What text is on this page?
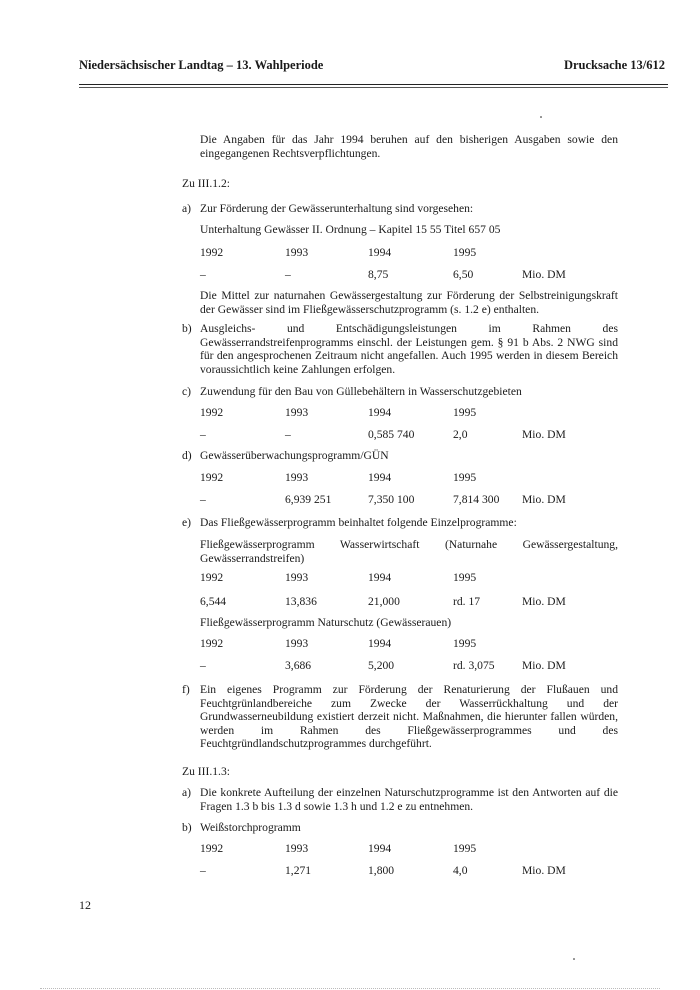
Niedersächsischer Landtag – 13. Wahlperiode	Drucksache 13/612
Die Angaben für das Jahr 1994 beruhen auf den bisherigen Ausgaben sowie den eingegangenen Rechtsverpflichtungen.
Zu III.1.2:
a) Zur Förderung der Gewässerunterhaltung sind vorgesehen:
Unterhaltung Gewässer II. Ordnung – Kapitel 15 55 Titel 657 05
1992	1993	1994	1995
–	–	8,75	6,50	Mio. DM
Die Mittel zur naturnahen Gewässergestaltung zur Förderung der Selbstreinigungskraft der Gewässer sind im Fließgewässerschutzprogramm (s. 1.2 e) enthalten.
b) Ausgleichs- und Entschädigungsleistungen im Rahmen des Gewässerrandstreifenprogramms einschl. der Leistungen gem. § 91 b Abs. 2 NWG sind für den angesprochenen Zeitraum nicht angefallen. Auch 1995 werden in diesem Bereich voraussichtlich keine Zahlungen erfolgen.
c) Zuwendung für den Bau von Güllebehältern in Wasserschutzgebieten
1992	1993	1994	1995
–	–	0,585 740	2,0	Mio. DM
d) Gewässerüberwachungsprogramm/GÜN
1992	1993	1994	1995
–	6,939 251	7,350 100	7,814 300 Mio. DM
e) Das Fließgewässerprogramm beinhaltet folgende Einzelprogramme:
Fließgewässerprogramm Wasserwirtschaft (Naturnahe Gewässergestaltung, Gewässerrandstreifen)
1992	1993	1994	1995
6,544	13,836	21,000	rd. 17	Mio. DM
Fließgewässerprogramm Naturschutz (Gewässerauen)
1992	1993	1994	1995
–	3,686	5,200	rd. 3,075 Mio. DM
f) Ein eigenes Programm zur Förderung der Renaturierung der Flußauen und Feuchtgrünlandbereiche zum Zwecke der Wasserrückhaltung und der Grundwasserneubildung existiert derzeit nicht. Maßnahmen, die hierunter fallen würden, werden im Rahmen des Fließgewässerprogrammes und des Feuchtgründlandschutzprogrammes durchgeführt.
Zu III.1.3:
a) Die konkrete Aufteilung der einzelnen Naturschutzprogramme ist den Antworten auf die Fragen 1.3 b bis 1.3 d sowie 1.3 h und 1.2 e zu entnehmen.
b) Weißstorchprogramm
1992	1993	1994	1995
–	1,271	1,800	4,0	Mio. DM
12
